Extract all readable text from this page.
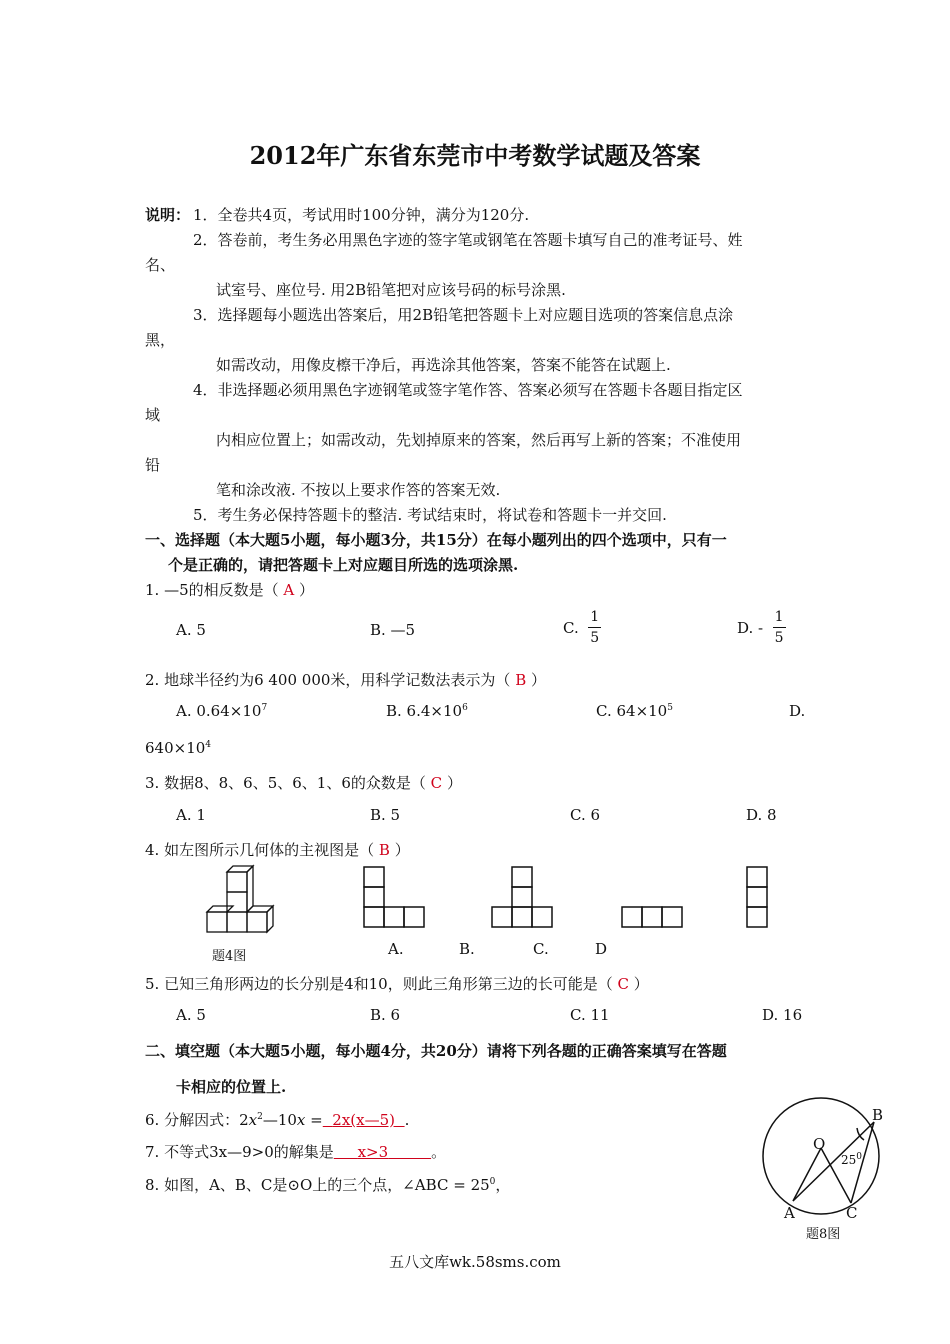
2012年广东省东莞市中考数学试题及答案
说明： 1．全卷共4页，考试用时100分钟，满分为120分.
2．答卷前，考生务必用黑色字迹的签字笔或钢笔在答题卡填写自己的准考证号、姓
名、
试室号、座位号. 用2B铅笔把对应该号码的标号涂黑.
3．选择题每小题选出答案后，用2B铅笔把答题卡上对应题目选项的答案信息点涂
黑，
如需改动，用像皮檫干净后，再选涂其他答案，答案不能答在试题上.
4．非选择题必须用黑色字迹钢笔或签字笔作答、答案必须写在答题卡各题目指定区
域
内相应位置上；如需改动，先划掉原来的答案，然后再写上新的答案；不准使用
铅
笔和涂改液. 不按以上要求作答的答案无效.
5．考生务必保持答题卡的整洁. 考试结束时，将试卷和答题卡一并交回.
一、选择题（本大题5小题，每小题3分，共15分）在每小题列出的四个选项中，只有一
个是正确的，请把答题卡上对应题目所选的选项涂黑.
1. —5的相反数是（ A ）
A. 5	B. —5	C.
$\frac{1}{5}$	D. -
$\frac{1}{5}$
2. 地球半径约为6 400 000米，用科学记数法表示为（ B ）
A. $0.64\times 10^7$	B. $6.4\times 10^6$	C. $64\times 10^5$	D.
$640\times 10^4$
3. 数据8、8、6、5、6、1、6的众数是（ C ）
A. 1	B. 5	C. 6	D. 8
4. 如左图所示几何体的主视图是（ B ）
题4图	A.	B.	C.	D
5. 已知三角形两边的长分别是4和10，则此三角形第三边的长可能是（ C ）
A. 5	B. 6	C. 11	D. 16
二、填空题（本大题5小题，每小题4分，共20分）请将下列各题的正确答案填写在答题
卡相应的位置上.
6. 分解因式：$2x^2—10x$ = 2x(x—5) .
7. 不等式3x—9>0的解集是 x>3	。
8. 如图，A、B、C是⊙O上的三个点，∠ABC = $25^0$，
O
B
A	C
$25^0$
题8图
五八文库wk.58sms.com
